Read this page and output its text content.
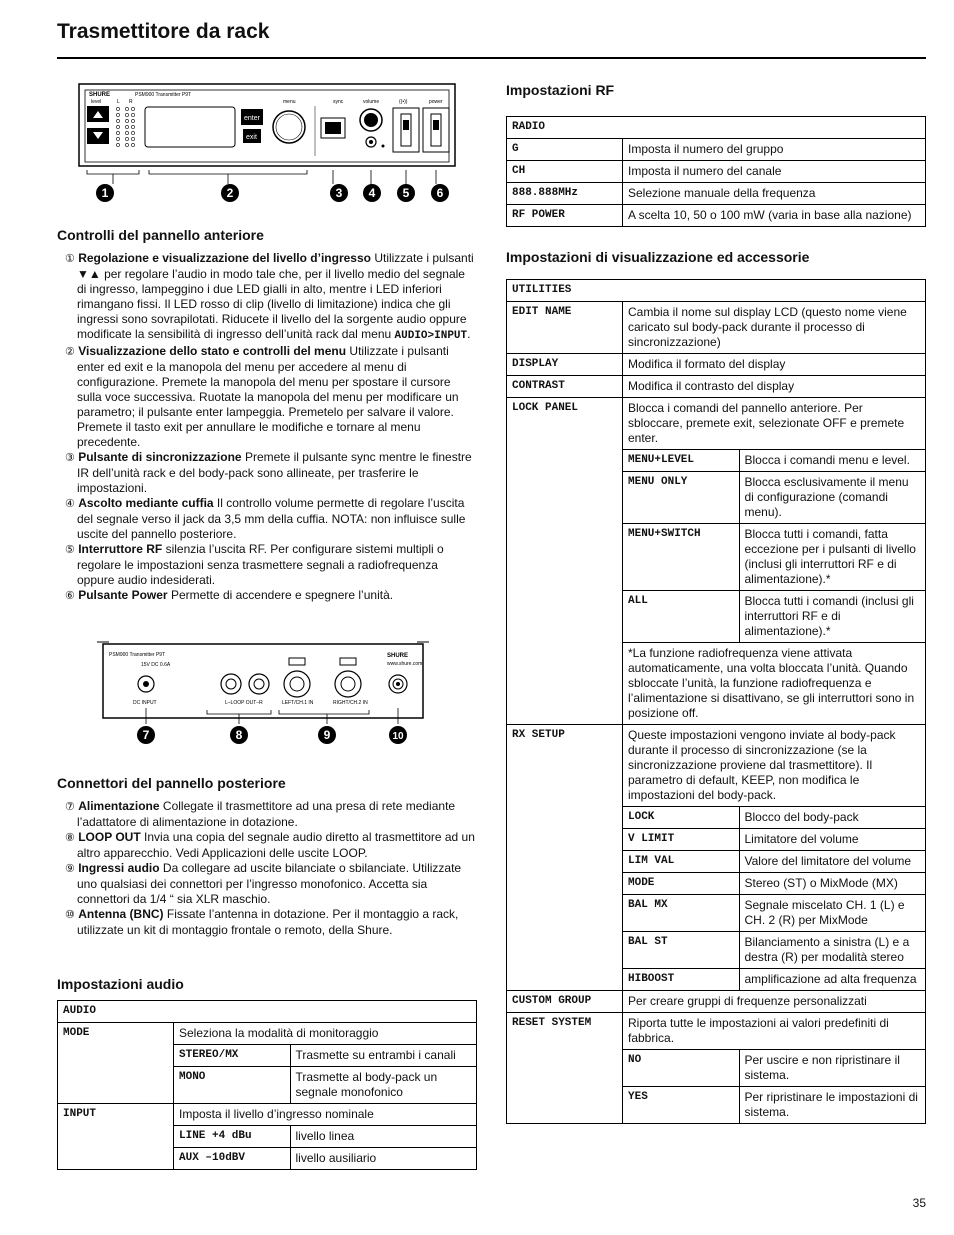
Trasmettitore da rack
SHURE	PSM900 Transmitter P9T
level	L R	menu	sync	volume	((•))	power
enter
exit
1	2	3 4 5 6
Controlli del pannello anteriore

① Regolazione e visualizzazione del livello d’ingresso Utilizzate i pulsanti ▼▲ per regolare l’audio in modo tale che, per il livello medio del segnale di ingresso, lampeggino i due LED gialli in alto, mentre i LED inferiori rimangano fissi. Il LED rosso di clip (livello di limitazione) indica che gli ingressi sono sovrapilotati. Riducete il livello del la sorgente audio oppure modificate la sensibilità di ingresso dell’unità rack dal menu AUDIO>INPUT.

② Visualizzazione dello stato e controlli del menu Utilizzate i pulsanti enter ed exit e la manopola del menu per accedere al menu di configurazione. Premete la manopola del menu per spostare il cursore sulla voce successiva. Ruotate la manopola del menu per modificare un parametro; il pulsante enter lampeggia. Premetelo per salvare il valore. Premete il tasto exit per annullare le modifiche e tornare al menu precedente.

③ Pulsante di sincronizzazione Premete il pulsante sync mentre le finestre IR dell’unità rack e del body-pack sono allineate, per trasferire le impostazioni.

④ Ascolto mediante cuffia Il controllo volume permette di regolare l’uscita del segnale verso il jack da 3,5 mm della cuffia. NOTA: non influisce sulle uscite del pannello posteriore.

⑤ Interruttore RF silenzia l’uscita RF. Per configurare sistemi multipli o regolare le impostazioni senza trasmettere segnali a radiofrequenza oppure audio indesiderati.

⑥ Pulsante Power Permette di accendere e spegnere l’unità.

PSM900 Transmitter P9T
15V DC 0.6A
SHURE
www.shure.com
DC INPUT	L–LOOP OUT–R	LEFT/CH.1 IN	RIGHT/CH.2 IN
7	8	9	10
Connettori del pannello posteriore

⑦ Alimentazione Collegate il trasmettitore ad una presa di rete mediante l’adattatore di alimentazione in dotazione.

⑧ LOOP OUT Invia una copia del segnale audio diretto al trasmettitore ad un altro apparecchio. Vedi Applicazioni delle uscite LOOP.

⑨ Ingressi audio Da collegare ad uscite bilanciate o sbilanciate. Utilizzate uno qualsiasi dei connettori per l’ingresso monofonico. Accetta sia connettori da 1/4 “ sia XLR maschio.

⑩ Antenna (BNC) Fissate l’antenna in dotazione. Per il montaggio a rack, utilizzate un kit di montaggio frontale o remoto, della Shure.

Impostazioni audio
AUDIO
MODE	Seleziona la modalità di monitoraggio

STEREO/MX	Trasmette su entrambi i canali
MONO	Trasmette al body-pack un segnale monofonico

INPUT	Imposta il livello d’ingresso nominale

LINE +4 dBu	livello linea
AUX –10dBV	livello ausiliario
Impostazioni RF
RADIO	
G	Imposta il numero del gruppo
CH	Imposta il numero del canale
888.888MHz	Selezione manuale della frequenza
RF POWER	A scelta 10, 50 o 100 mW (varia in base alla nazione)
Impostazioni di visualizzazione ed accessorie
UTILITIES
EDIT NAME	Cambia il nome sul display LCD (questo nome viene caricato sul body-pack durante il processo di sincronizzazione)
DISPLAY	Modifica il formato del display
CONTRAST	Modifica il contrasto del display
LOCK PANEL	Blocca i comandi del pannello anteriore. Per sbloccare, premete exit, selezionate OFF e premete enter.

MENU+LEVEL	Blocca i comandi menu e level.
MENU ONLY	Blocca esclusivamente il menu di configurazione (comandi menu).
MENU+SWITCH	Blocca tutti i comandi, fatta eccezione per i pulsanti di livello (inclusi gli interruttori RF e di alimentazione).*
ALL	Blocca tutti i comandi (inclusi gli interruttori RF e di alimentazione).*

*La funzione radiofrequenza viene attivata automaticamente, una volta bloccata l’unità. Quando sbloccate l’unità, la funzione radiofrequenza e l’alimentazione si disattivano, se gli interruttori sono in posizione off.
RX SETUP	Queste impostazioni vengono inviate al body-pack durante il processo di sincronizzazione (se la sincronizzazione proviene dal trasmettitore). Il parametro di default, KEEP, non modifica le impostazioni del body-pack.

LOCK	Blocco del body-pack
V LIMIT	Limitatore del volume
LIM VAL	Valore del limitatore del volume
MODE	Stereo (ST) o MixMode (MX)
BAL MX	Segnale miscelato CH. 1 (L) e CH. 2 (R) per MixMode
BAL ST	Bilanciamento a sinistra (L) e a destra (R) per modalità stereo
HIBOOST	amplificazione ad alta frequenza

CUSTOM GROUP	Per creare gruppi di frequenze personalizzati
RESET SYSTEM	Riporta tutte le impostazioni ai valori predefiniti di fabbrica.

NO	Per uscire e non ripristinare il sistema.
YES	Per ripristinare le impostazioni di sistema.
35
